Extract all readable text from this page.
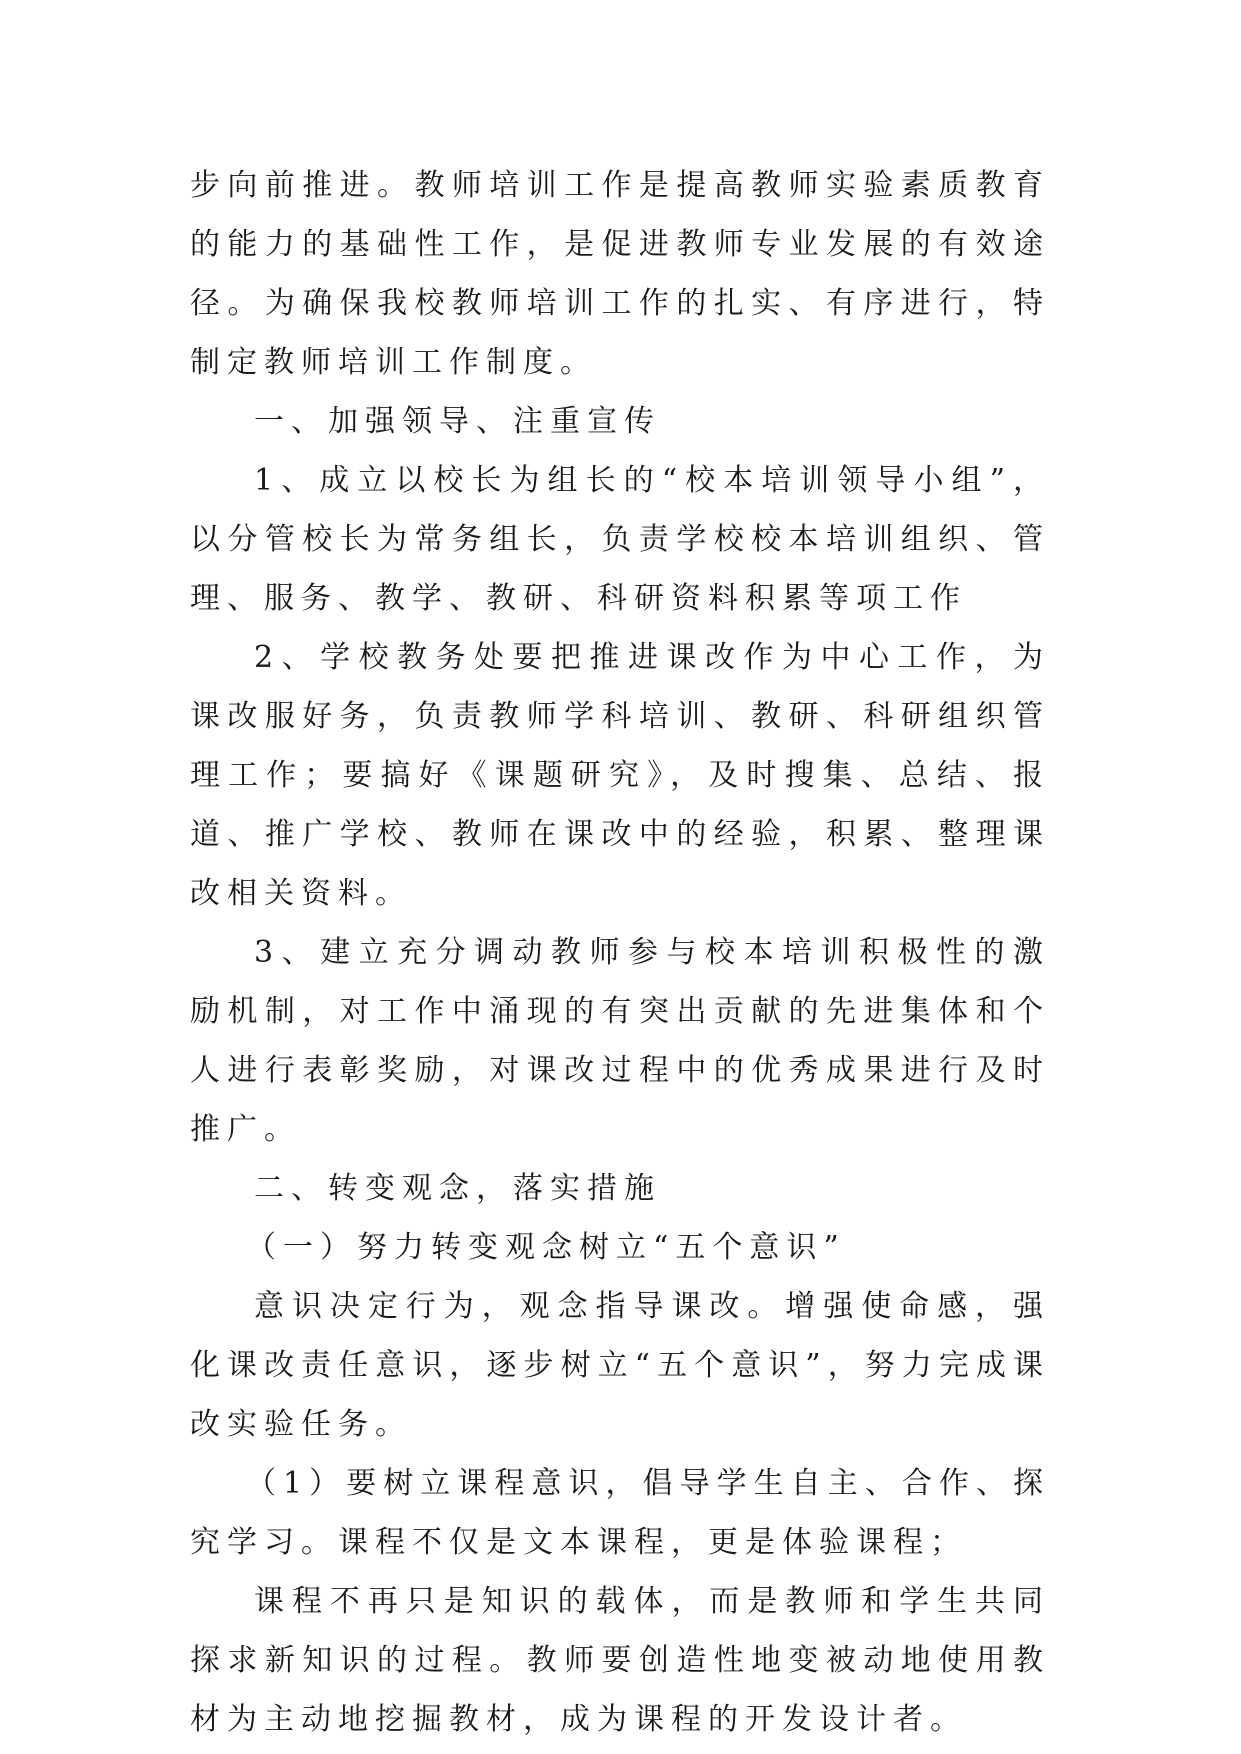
步向前推进。教师培训工作是提高教师实验素质教育的能力的基础性工作，是促进教师专业发展的有效途径。为确保我校教师培训工作的扎实、有序进行，特制定教师培训工作制度。

一、加强领导、注重宣传

1、成立以校长为组长的“校本培训领导小组”，以分管校长为常务组长，负责学校校本培训组织、管理、服务、教学、教研、科研资料积累等项工作

2、学校教务处要把推进课改作为中心工作，为课改服好务，负责教师学科培训、教研、科研组织管理工作；要搞好《课题研究》，及时搜集、总结、报道、推广学校、教师在课改中的经验，积累、整理课改相关资料。

3、建立充分调动教师参与校本培训积极性的激励机制，对工作中涌现的有突出贡献的先进集体和个人进行表彰奖励，对课改过程中的优秀成果进行及时推广。

二、转变观念，落实措施

（一）努力转变观念树立“五个意识”

意识决定行为，观念指导课改。增强使命感，强化课改责任意识，逐步树立“五个意识”，努力完成课改实验任务。

（1）要树立课程意识，倡导学生自主、合作、探究学习。课程不仅是文本课程，更是体验课程；

课程不再只是知识的载体，而是教师和学生共同探求新知识的过程。教师要创造性地变被动地使用教材为主动地挖掘教材，成为课程的开发设计者。
